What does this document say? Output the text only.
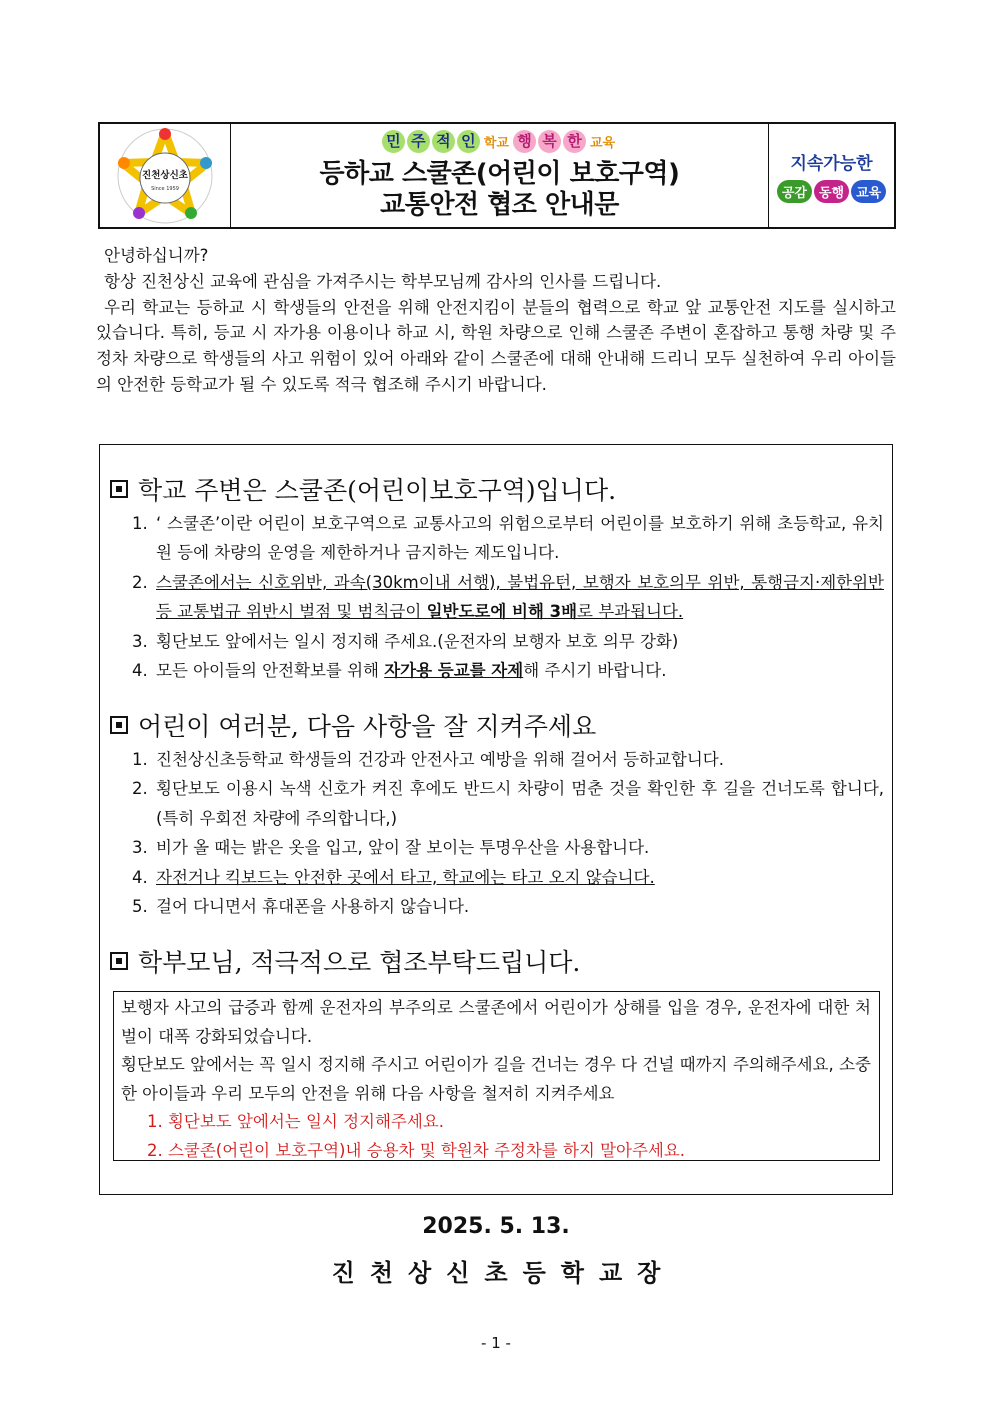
진천상신초
Since 1959
민 주 적 인 학교 행 복 한 교육
등하교 스쿨존(어린이 보호구역)
교통안전 협조 안내문
지속가능한
공감 동행 교육

안녕하십니까?

항상 진천상신 교육에 관심을 가져주시는 학부모님께 감사의 인사를 드립니다.

우리 학교는 등하교 시 학생들의 안전을 위해 안전지킴이 분들의 협력으로 학교 앞 교통안전 지도를 실시하고 있습니다. 특히, 등교 시 자가용 이용이나 하교 시, 학원 차량으로 인해 스쿨존 주변이 혼잡하고 통행 차량 및 주정차 차량으로 학생들의 사고 위험이 있어 아래와 같이 스쿨존에 대해 안내해 드리니 모두 실천하여 우리 아이들의 안전한 등학교가 될 수 있도록 적극 협조해 주시기 바랍니다.

학교 주변은 스쿨존(어린이보호구역)입니다.
1. ‘ 스쿨존’이란 어린이 보호구역으로 교통사고의 위험으로부터 어린이를 보호하기 위해 초등학교, 유치원 등에 차량의 운영을 제한하거나 금지하는 제도입니다.
2. 스쿨존에서는 신호위반, 과속(30km이내 서행), 불법유턴, 보행자 보호의무 위반, 통행금지·제한위반 등 교통법규 위반시 벌점 및 범칙금이 일반도로에 비해 3배로 부과됩니다.
3. 횡단보도 앞에서는 일시 정지해 주세요.(운전자의 보행자 보호 의무 강화)
4. 모든 아이들의 안전확보를 위해 자가용 등교를 자제해 주시기 바랍니다.
어린이 여러분, 다음 사항을 잘 지켜주세요
1. 진천상신초등학교 학생들의 건강과 안전사고 예방을 위해 걸어서 등하교합니다.
2. 횡단보도 이용시 녹색 신호가 켜진 후에도 반드시 차량이 멈춘 것을 확인한 후 길을 건너도록 합니다, (특히 우회전 차량에 주의합니다,)
3. 비가 올 때는 밝은 옷을 입고, 앞이 잘 보이는 투명우산을 사용합니다.
4. 자전거나 킥보드는 안전한 곳에서 타고, 학교에는 타고 오지 않습니다.
5. 걸어 다니면서 휴대폰을 사용하지 않습니다.
학부모님, 적극적으로 협조부탁드립니다.

보행자 사고의 급증과 함께 운전자의 부주의로 스쿨존에서 어린이가 상해를 입을 경우, 운전자에 대한 처벌이 대폭 강화되었습니다.

횡단보도 앞에서는 꼭 일시 정지해 주시고 어린이가 길을 건너는 경우 다 건널 때까지 주의해주세요, 소중한 아이들과 우리 모두의 안전을 위해 다음 사항을 철저히 지켜주세요

1. 횡단보도 앞에서는 일시 정지해주세요.

2. 스쿨존(어린이 보호구역)내 승용차 및 학원차 주정차를 하지 말아주세요.

2025. 5. 13.
진천상신초등학교장
- 1 -
